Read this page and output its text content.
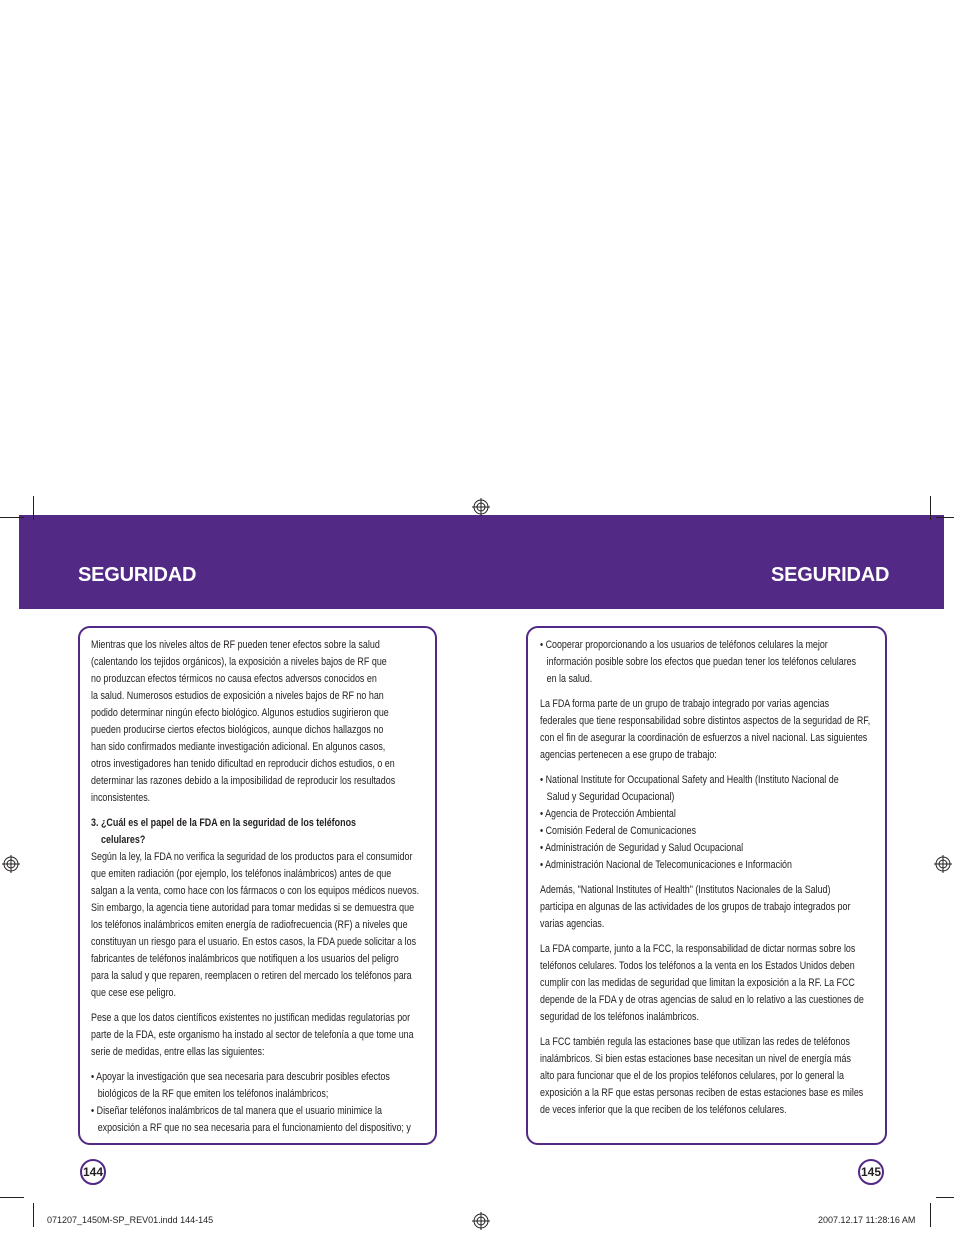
SEGURIDAD	SEGURIDAD

Mientras que los niveles altos de RF pueden tener efectos sobre la salud

(calentando los tejidos orgánicos), la exposición a niveles bajos de RF que

no produzcan efectos térmicos no causa efectos adversos conocidos en

la salud. Numerosos estudios de exposición a niveles bajos de RF no han

podido determinar ningún efecto biológico. Algunos estudios sugirieron que

pueden producirse ciertos efectos biológicos, aunque dichos hallazgos no

han sido confirmados mediante investigación adicional. En algunos casos,

otros investigadores han tenido dificultad en reproducir dichos estudios, o en

determinar las razones debido a la imposibilidad de reproducir los resultados

inconsistentes.

3. ¿Cuál es el papel de la FDA en la seguridad de los teléfonos

celulares?

Según la ley, la FDA no verifica la seguridad de los productos para el consumidor

que emiten radiación (por ejemplo, los teléfonos inalámbricos) antes de que

salgan a la venta, como hace con los fármacos o con los equipos médicos nuevos.

Sin embargo, la agencia tiene autoridad para tomar medidas si se demuestra que

los teléfonos inalámbricos emiten energía de radiofrecuencia (RF) a niveles que

constituyan un riesgo para el usuario. En estos casos, la FDA puede solicitar a los

fabricantes de teléfonos inalámbricos que notifiquen a los usuarios del peligro

para la salud y que reparen, reemplacen o retiren del mercado los teléfonos para

que cese ese peligro.

Pese a que los datos científicos existentes no justifican medidas regulatorias por

parte de la FDA, este organismo ha instado al sector de telefonía a que tome una

serie de medidas, entre ellas las siguientes:

• Apoyar la investigación que sea necesaria para descubrir posibles efectos

biológicos de la RF que emiten los teléfonos inalámbricos;

• Diseñar teléfonos inalámbricos de tal manera que el usuario minimice la

exposición a RF que no sea necesaria para el funcionamiento del dispositivo; y

• Cooperar proporcionando a los usuarios de teléfonos celulares la mejor

información posible sobre los efectos que puedan tener los teléfonos celulares

en la salud.

La FDA forma parte de un grupo de trabajo integrado por varias agencias

federales que tiene responsabilidad sobre distintos aspectos de la seguridad de RF,

con el fin de asegurar la coordinación de esfuerzos a nivel nacional. Las siguientes

agencias pertenecen a ese grupo de trabajo:

• National Institute for Occupational Safety and Health (Instituto Nacional de

Salud y Seguridad Ocupacional)

• Agencia de Protección Ambiental

• Comisión Federal de Comunicaciones

• Administración de Seguridad y Salud Ocupacional

• Administración Nacional de Telecomunicaciones e Información

Además, "National Institutes of Health" (Institutos Nacionales de la Salud)

participa en algunas de las actividades de los grupos de trabajo integrados por

varias agencias.

La FDA comparte, junto a la FCC, la responsabilidad de dictar normas sobre los

teléfonos celulares. Todos los teléfonos a la venta en los Estados Unidos deben

cumplir con las medidas de seguridad que limitan la exposición a la RF. La FCC

depende de la FDA y de otras agencias de salud en lo relativo a las cuestiones de

seguridad de los teléfonos inalámbricos.

La FCC también regula las estaciones base que utilizan las redes de teléfonos

inalámbricos. Si bien estas estaciones base necesitan un nivel de energía más

alto para funcionar que el de los propios teléfonos celulares, por lo general la

exposición a la RF que estas personas reciben de estas estaciones base es miles

de veces inferior que la que reciben de los teléfonos celulares.

144	145
071207_1450M-SP_REV01.indd 144-145	2007.12.17 11:28:16 AM
